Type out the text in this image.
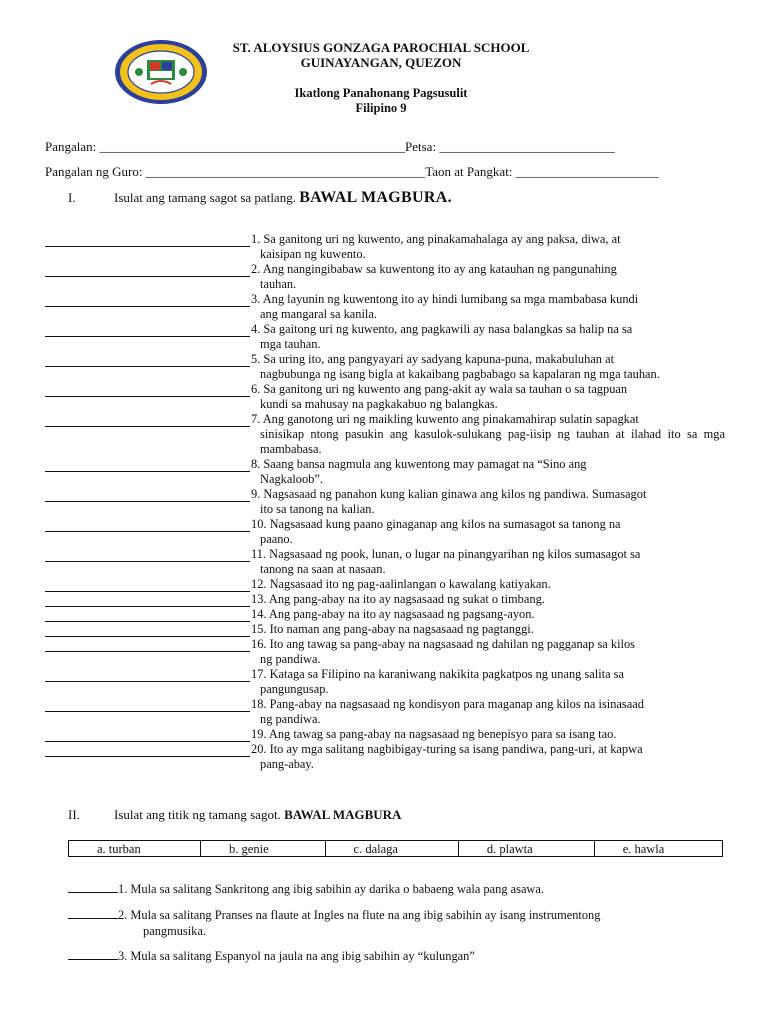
ST. ALOYSIUS GONZAGA PAROCHIAL SCHOOL
GUINAYANGAN, QUEZON
Ikatlong Panahonang Pagsusulit
Filipino 9
Pangalan: _______________________________________________Petsa: ___________________________
Pangalan ng Guro: ___________________________________________Taon at Pangkat: ______________________
I.	Isulat ang tamang sagot sa patlang. BAWAL MAGBURA.
1. Sa ganitong uri ng kuwento, ang pinakamahalaga ay ang paksa, diwa, at
kaisipan ng kuwento.
2. Ang nangingibabaw sa kuwentong ito ay ang katauhan ng pangunahing
tauhan.
3. Ang layunin ng kuwentong ito ay hindi lumibang sa mga mambabasa kundi
ang mangaral sa kanila.
4. Sa gaitong uri ng kuwento, ang pagkawili ay nasa balangkas sa halip na sa
mga tauhan.
5. Sa uring ito, ang pangyayari ay sadyang kapuna-puna, makabuluhan at
nagbubunga ng isang bigla at kakaibang pagbabago sa kapalaran ng mga tauhan.
6. Sa ganitong uri ng kuwento ang pang-akit ay wala sa tauhan o sa tagpuan
kundi sa mahusay na pagkakabuo ng balangkas.
7. Ang ganotong uri ng maikling kuwento ang pinakamahirap sulatin sapagkat
sinisikap ntong pasukin ang kasulok-sulukang pag-iisip ng tauhan at ilahad ito sa mga mambabasa.
8. Saang bansa nagmula ang kuwentong may pamagat na “Sino ang
Nagkaloob”.
9. Nagsasaad ng panahon kung kalian ginawa ang kilos ng pandiwa. Sumasagot
ito sa tanong na kalian.
10. Nagsasaad kung paano ginaganap ang kilos na sumasagot sa tanong na
paano.
11. Nagsasaad ng pook, lunan, o lugar na pinangyarihan ng kilos sumasagot sa
tanong na saan at nasaan.
12. Nagsasaad ito ng pag-aalinlangan o kawalang katiyakan.
13. Ang pang-abay na ito ay nagsasaad ng sukat o timbang.
14. Ang pang-abay na ito ay nagsasaad ng pagsang-ayon.
15. Ito naman ang pang-abay na nagsasaad ng pagtanggi.
16. Ito ang tawag sa pang-abay na nagsasaad ng dahilan ng pagganap sa kilos
ng pandiwa.
17. Kataga sa Filipino na karaniwang nakikita pagkatpos ng unang salita sa
pangungusap.
18. Pang-abay na nagsasaad ng kondisyon para maganap ang kilos na isinasaad
ng pandiwa.
19. Ang tawag sa pang-abay na nagsasaad ng benepisyo para sa isang tao.
20. Ito ay mga salitang nagbibigay-turing sa isang pandiwa, pang-uri, at kapwa
pang-abay.
II.	Isulat ang titik ng tamang sagot. BAWAL MAGBURA
a. turban	b. genie	c. dalaga	d. plawta	e. hawla
1. Mula sa salitang Sankritong ang ibig sabihin ay darika o babaeng wala pang asawa.
2. Mula sa salitang Pranses na flaute at Ingles na flute na ang ibig sabihin ay isang instrumentong
pangmusika.
3. Mula sa salitang Espanyol na jaula na ang ibig sabihin ay “kulungan”
